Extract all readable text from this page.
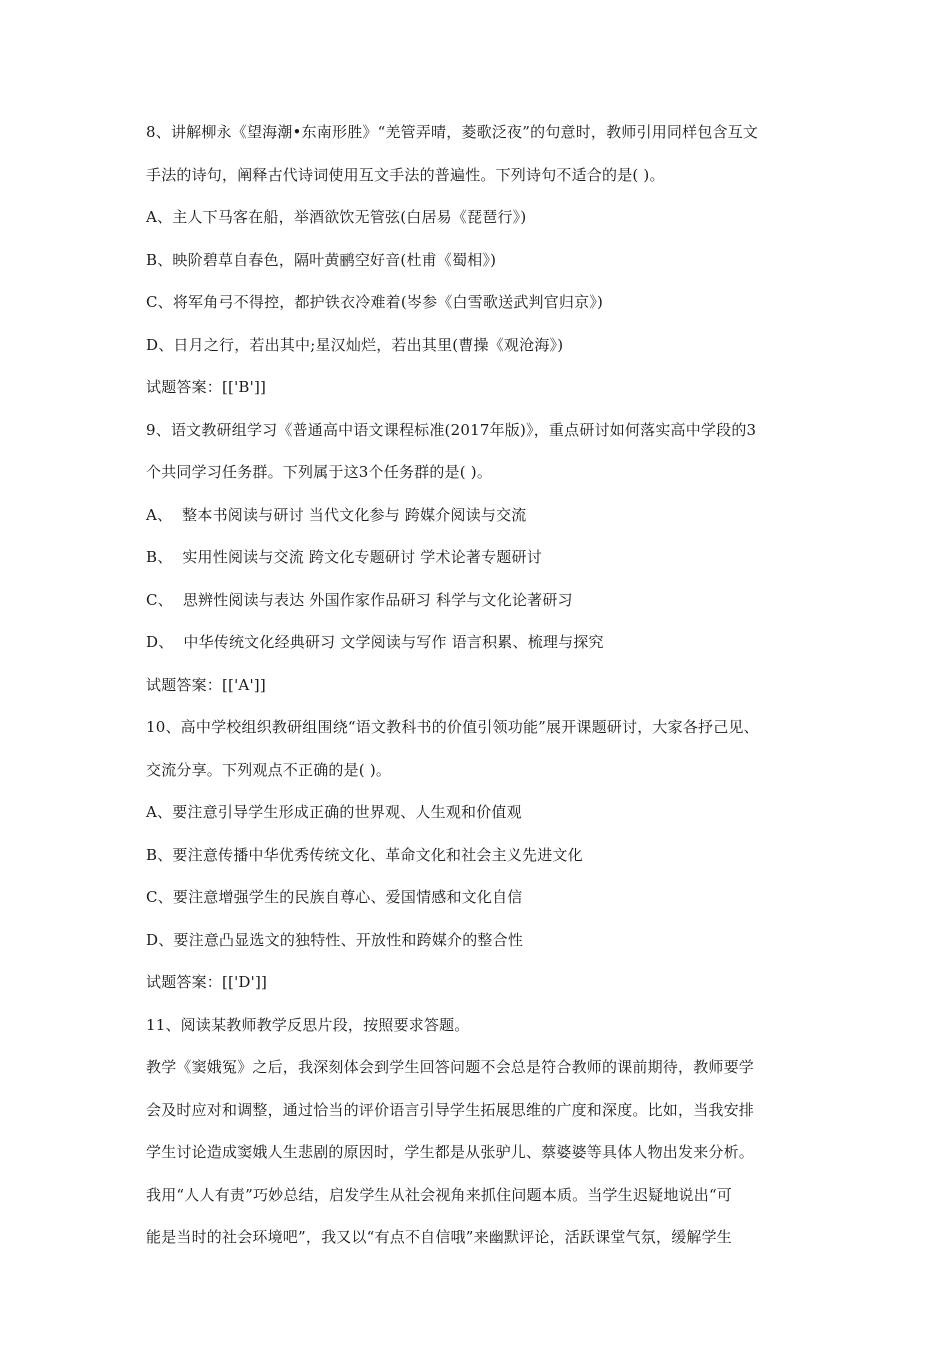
8、讲解柳永《望海潮•东南形胜》“羌管弄晴，菱歌泛夜”的句意时，教师引用同样包含互文
手法的诗句，阐释古代诗词使用互文手法的普遍性。下列诗句不适合的是( )。
A、主人下马客在船，举酒欲饮无管弦(白居易《琵琶行》)
B、映阶碧草自春色，隔叶黄鹂空好音(杜甫《蜀相》)
C、将军角弓不得控，都护铁衣冷难着(岑参《白雪歌送武判官归京》)
D、日月之行，若出其中;星汉灿烂，若出其里(曹操《观沧海》)
试题答案：[['B']]
9、语文教研组学习《普通高中语文课程标准(2017年版)》，重点研讨如何落实高中学段的3
个共同学习任务群。下列属于这3个任务群的是( )。
A、  整本书阅读与研讨 当代文化参与 跨媒介阅读与交流
B、  实用性阅读与交流 跨文化专题研讨 学术论著专题研讨
C、  思辨性阅读与表达 外国作家作品研习 科学与文化论著研习
D、  中华传统文化经典研习 文学阅读与写作 语言积累、梳理与探究
试题答案：[['A']]
10、高中学校组织教研组围绕“语文教科书的价值引领功能”展开课题研讨，大家各抒己见、
交流分享。下列观点不正确的是( )。
A、要注意引导学生形成正确的世界观、人生观和价值观
B、要注意传播中华优秀传统文化、革命文化和社会主义先进文化
C、要注意增强学生的民族自尊心、爱国情感和文化自信
D、要注意凸显选文的独特性、开放性和跨媒介的整合性
试题答案：[['D']]
11、阅读某教师教学反思片段，按照要求答题。
教学《窦娥冤》之后，我深刻体会到学生回答问题不会总是符合教师的课前期待，教师要学
会及时应对和调整，通过恰当的评价语言引导学生拓展思维的广度和深度。比如，当我安排
学生讨论造成窦娥人生悲剧的原因时，学生都是从张驴儿、蔡婆婆等具体人物出发来分析。
我用“人人有责”巧妙总结，启发学生从社会视角来抓住问题本质。当学生迟疑地说出“可
能是当时的社会环境吧”，我又以“有点不自信哦”来幽默评论，活跃课堂气氛，缓解学生
